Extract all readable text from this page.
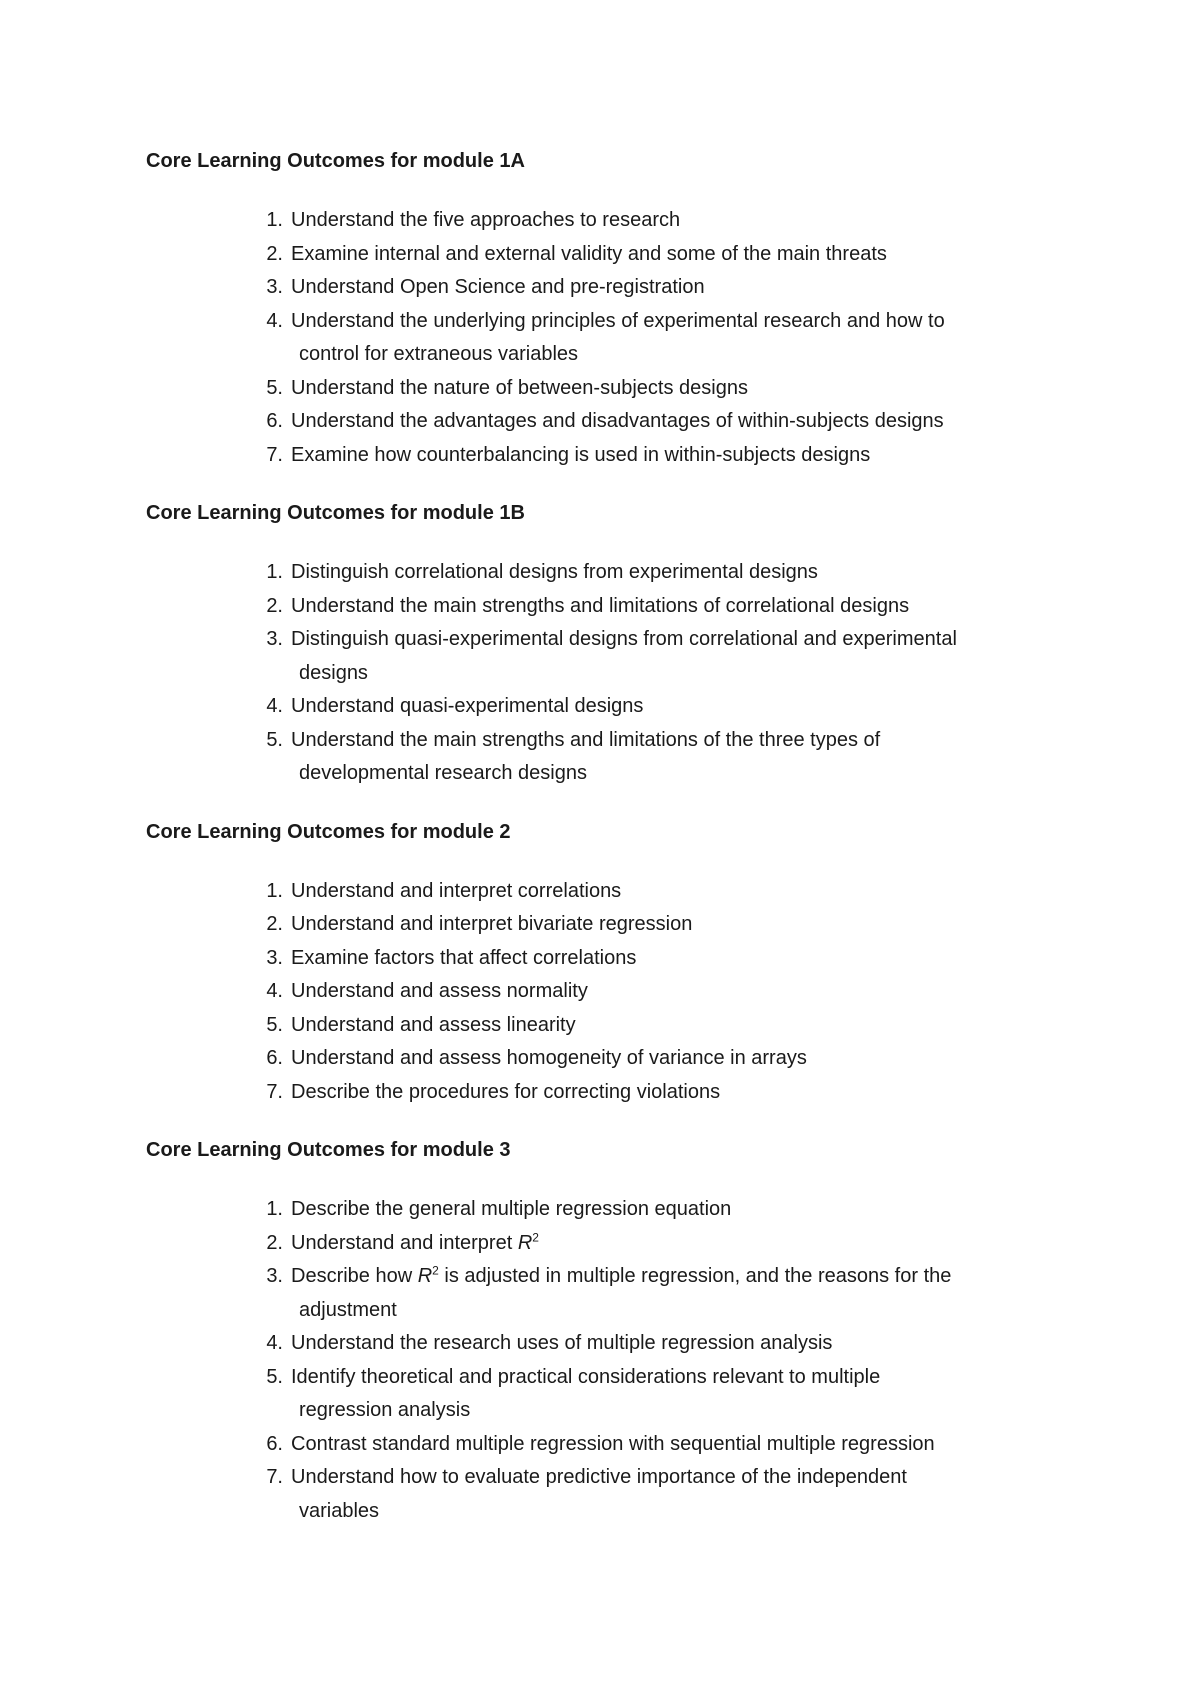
Core Learning Outcomes for module 1A
1. Understand the five approaches to research
2. Examine internal and external validity and some of the main threats
3. Understand Open Science and pre-registration
4. Understand the underlying principles of experimental research and how to
control for extraneous variables
5. Understand the nature of between-subjects designs
6. Understand the advantages and disadvantages of within-subjects designs
7. Examine how counterbalancing is used in within-subjects designs
Core Learning Outcomes for module 1B
1. Distinguish correlational designs from experimental designs
2. Understand the main strengths and limitations of correlational designs
3. Distinguish quasi-experimental designs from correlational and experimental
designs
4. Understand quasi-experimental designs
5. Understand the main strengths and limitations of the three types of
developmental research designs
Core Learning Outcomes for module 2
1. Understand and interpret correlations
2. Understand and interpret bivariate regression
3. Examine factors that affect correlations
4. Understand and assess normality
5. Understand and assess linearity
6. Understand and assess homogeneity of variance in arrays
7. Describe the procedures for correcting violations
Core Learning Outcomes for module 3
1. Describe the general multiple regression equation
2. Understand and interpret $R^2$
3. Describe how $R^2$ is adjusted in multiple regression, and the reasons for the
adjustment
4. Understand the research uses of multiple regression analysis
5. Identify theoretical and practical considerations relevant to multiple
regression analysis
6. Contrast standard multiple regression with sequential multiple regression
7. Understand how to evaluate predictive importance of the independent
variables
